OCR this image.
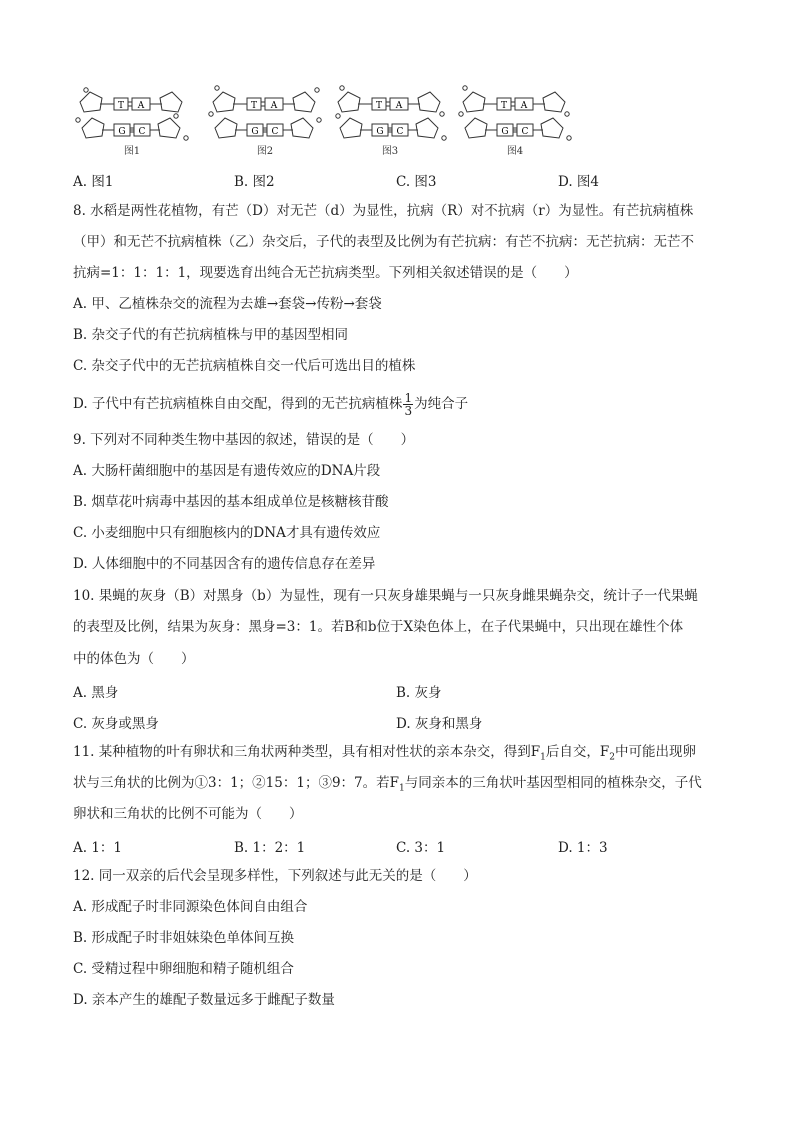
T A
G C
图1
T A
G C
图2
T A
G C
图3
T A
G C
图4
A. 图1	B. 图2	C. 图3	D. 图4
8. 水稻是两性花植物，有芒（D）对无芒（d）为显性，抗病（R）对不抗病（r）为显性。有芒抗病植株
（甲）和无芒不抗病植株（乙）杂交后，子代的表型及比例为有芒抗病：有芒不抗病：无芒抗病：无芒不
抗病=1：1：1：1，现要选育出纯合无芒抗病类型。下列相关叙述错误的是（　　）
A. 甲、乙植株杂交的流程为去雄→套袋→传粉→套袋
B. 杂交子代的有芒抗病植株与甲的基因型相同
C. 杂交子代中的无芒抗病植株自交一代后可选出目的植株
D. 子代中有芒抗病植株自由交配，得到的无芒抗病植株 $\frac{1}{3}$ 为纯合子
9. 下列对不同种类生物中基因的叙述，错误的是（　　）
A. 大肠杆菌细胞中的基因是有遗传效应的DNA片段
B. 烟草花叶病毒中基因的基本组成单位是核糖核苷酸
C. 小麦细胞中只有细胞核内的DNA才具有遗传效应
D. 人体细胞中的不同基因含有的遗传信息存在差异
10. 果蝇的灰身（B）对黑身（b）为显性，现有一只灰身雄果蝇与一只灰身雌果蝇杂交，统计子一代果蝇
的表型及比例，结果为灰身：黑身=3：1。若B和b位于X染色体上，在子代果蝇中，只出现在雄性个体
中的体色为（　　）
A. 黑身	B. 灰身
C. 灰身或黑身	D. 灰身和黑身
11. 某种植物的叶有卵状和三角状两种类型，具有相对性状的亲本杂交，得到$F_1$后自交，$F_2$中可能出现卵
状与三角状的比例为①3：1；②15：1；③9：7。若$F_1$与同亲本的三角状叶基因型相同的植株杂交，子代
卵状和三角状的比例不可能为（　　）
A. 1：1	B. 1：2：1	C. 3：1	D. 1：3
12. 同一双亲的后代会呈现多样性，下列叙述与此无关的是（　　）
A. 形成配子时非同源染色体间自由组合
B. 形成配子时非姐妹染色单体间互换
C. 受精过程中卵细胞和精子随机组合
D. 亲本产生的雄配子数量远多于雌配子数量
